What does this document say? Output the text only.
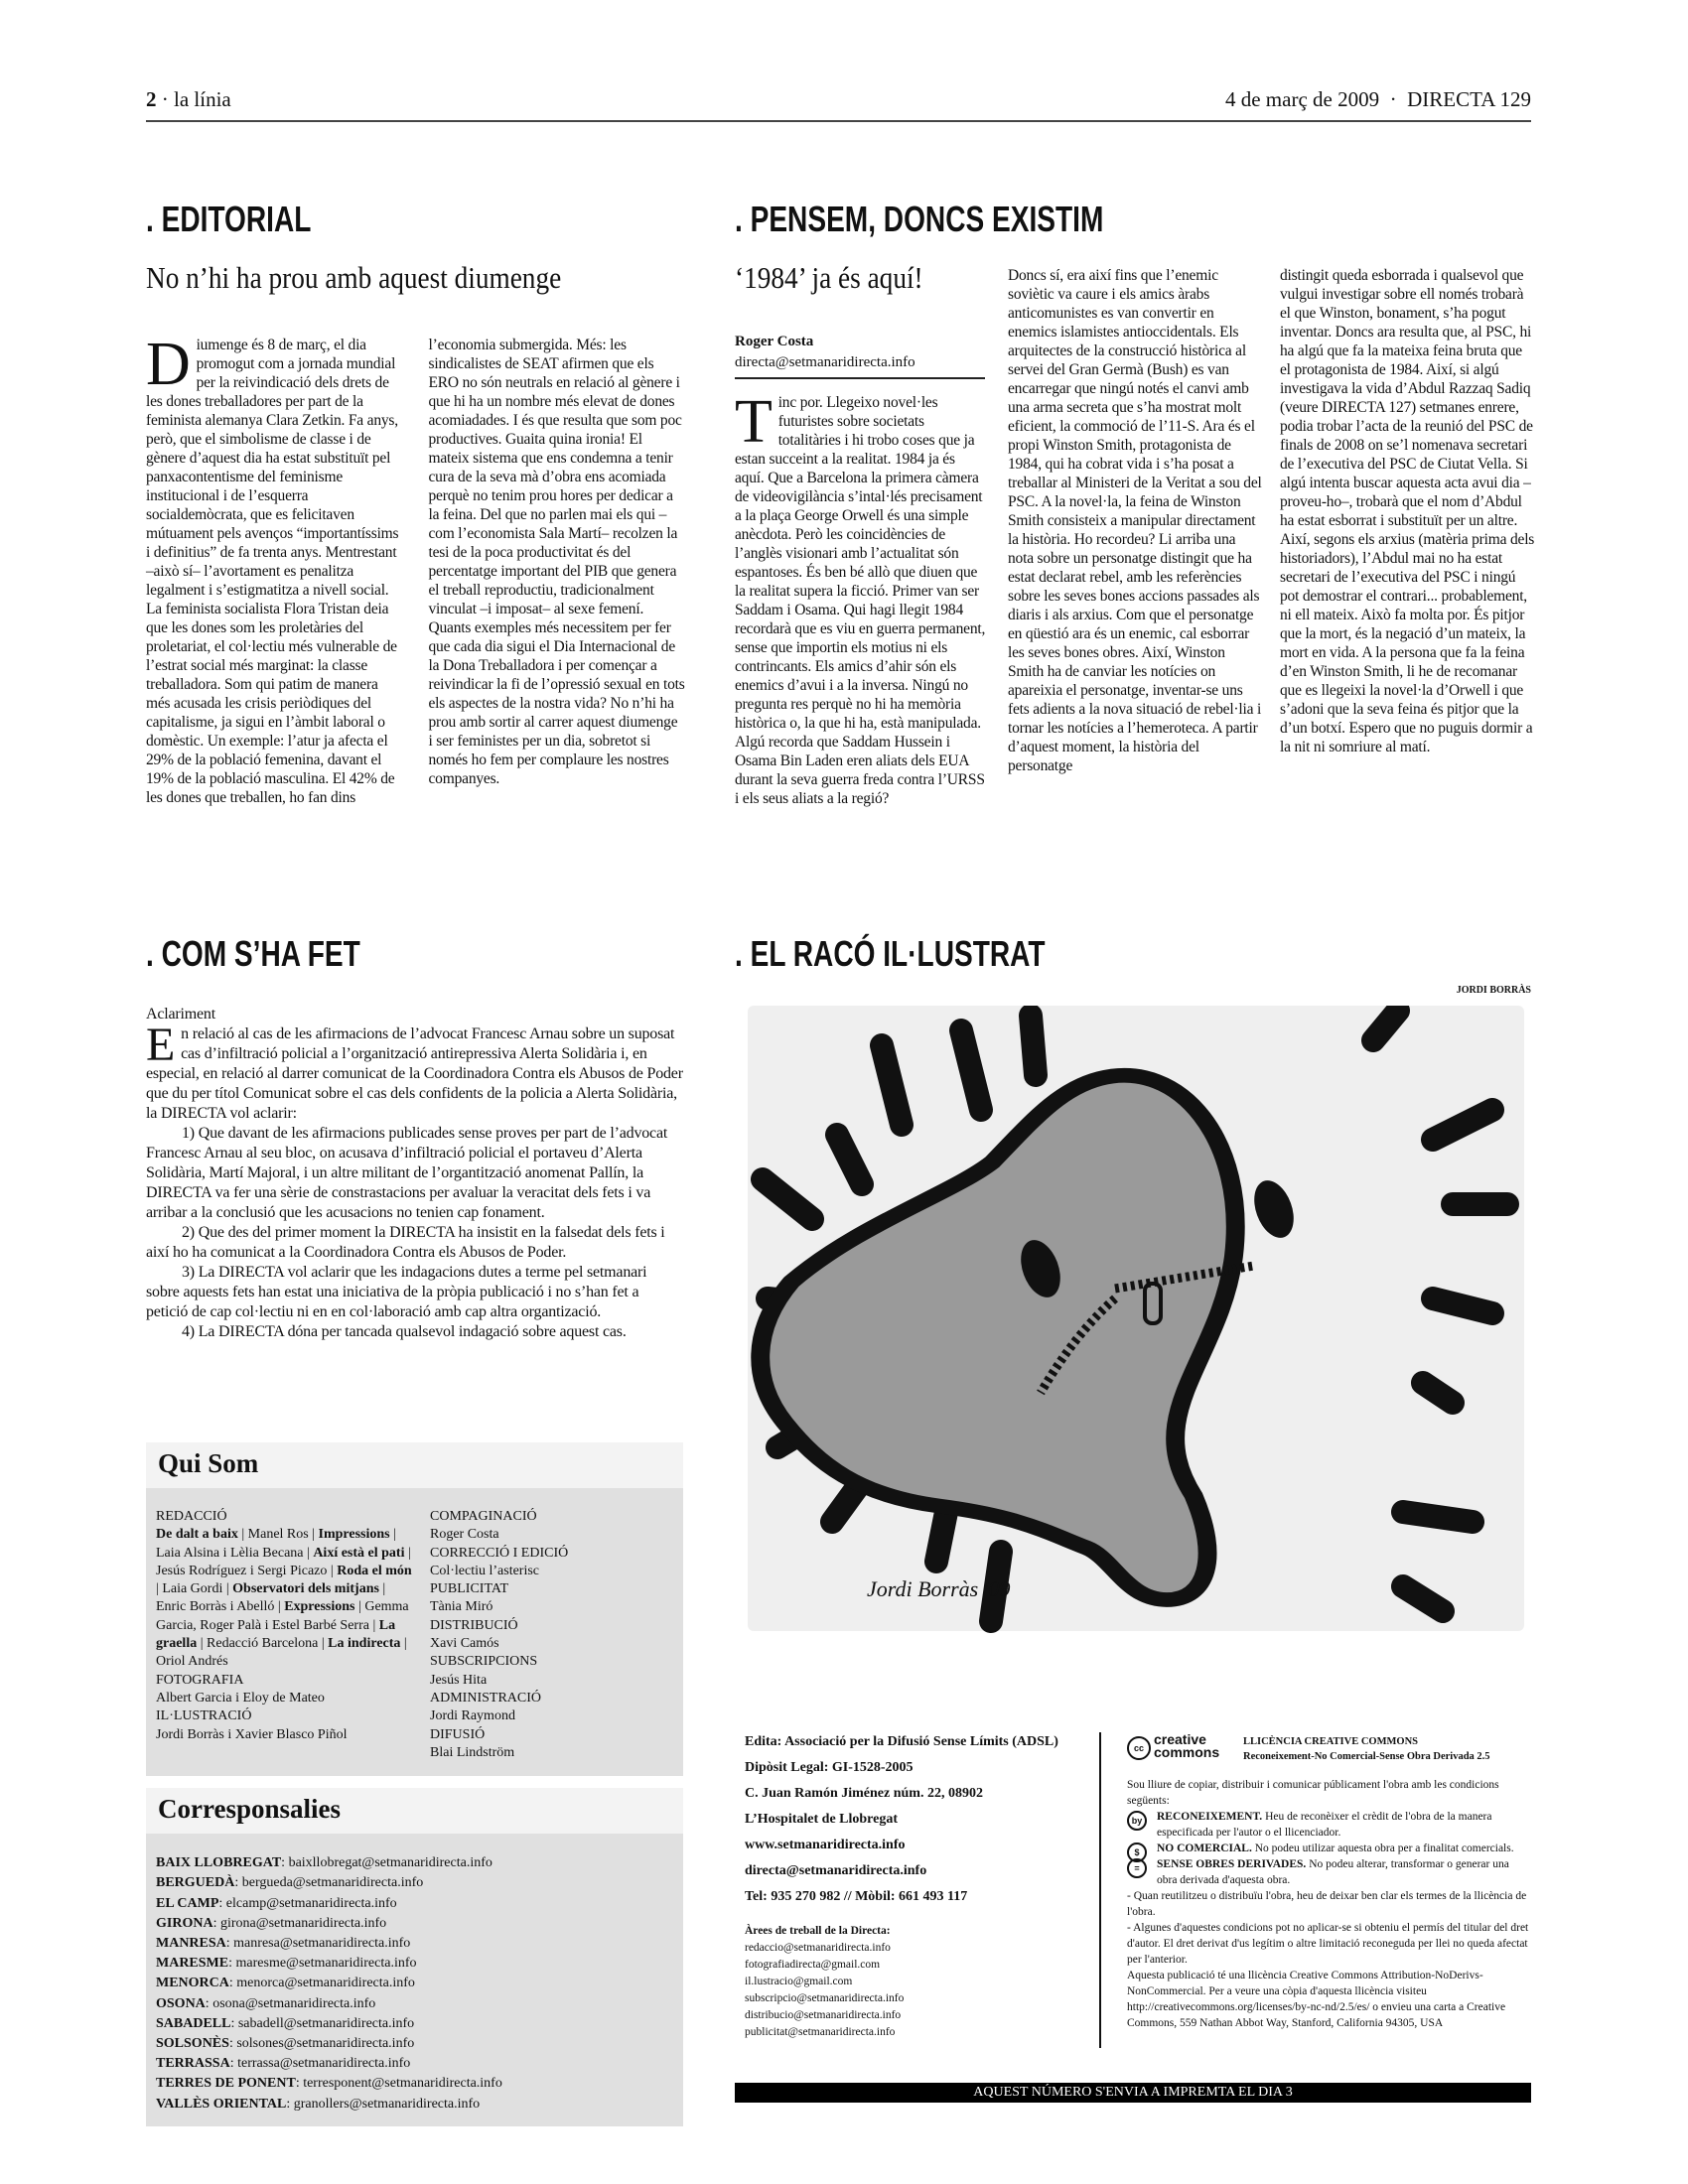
2 · la línia	4 de març de 2009  ·  DIRECTA 129
. EDITORIAL
No n’hi ha prou amb aquest diumenge
Diumenge és 8 de març, el dia promogut com a jornada mundial per la reivindicació dels drets de les dones treballadores per part de la feminista alemanya Clara Zetkin. Fa anys, però, que el simbolisme de classe i de gènere d’aquest dia ha estat substituït pel panxacontentisme del feminisme institucional i de l’esquerra socialdemòcrata, que es felicitaven mútuament pels avenços “importantíssims i definitius” de fa trenta anys. Mentrestant –això sí– l’avortament es penalitza legalment i s’estigmatitza a nivell social. La feminista socialista Flora Tristan deia que les dones som les proletàries del proletariat, el col·lectiu més vulnerable de l’estrat social més marginat: la classe treballadora. Som qui patim de manera més acusada les crisis periòdiques del capitalisme, ja sigui en l’àmbit laboral o domèstic. Un exemple: l’atur ja afecta el 29% de la població femenina, davant el 19% de la població masculina. El 42% de les dones que treballen, ho fan dins l’economia submergida. Més: les sindicalistes de SEAT afirmen que els ERO no són neutrals en relació al gènere i que hi ha un nombre més elevat de dones acomiadades. I és que resulta que som poc productives. Guaita quina ironia! El mateix sistema que ens condemna a tenir cura de la seva mà d’obra ens acomiada perquè no tenim prou hores per dedicar a la feina. Del que no parlen mai els qui –com l’economista Sala Martí– recolzen la tesi de la poca productivitat és del percentatge important del PIB que genera el treball reproductiu, tradicionalment vinculat –i imposat– al sexe femení. Quants exemples més necessitem per fer que cada dia sigui el Dia Internacional de la Dona Treballadora i per començar a reivindicar la fi de l’opressió sexual en tots els aspectes de la nostra vida? No n’hi ha prou amb sortir al carrer aquest diumenge i ser feministes per un dia, sobretot si només ho fem per complaure les nostres companyes.
. PENSEM, DONCS EXISTIM
‘1984’ ja és aquí!
Roger Costa
directa@setmanaridirecta.info
Tinc por. Llegeixo novel·les futuristes sobre societats totalitàries i hi trobo coses que ja estan succeint a la realitat. 1984 ja és aquí. Que a Barcelona la primera càmera de videovigilància s’intal·lés precisament a la plaça George Orwell és una simple anècdota. Però les coincidències de l’anglès visionari amb l’actualitat són espantoses. És ben bé allò que diuen que la realitat supera la ficció. Primer van ser Saddam i Osama. Qui hagi llegit 1984 recordarà que es viu en guerra permanent, sense que importin els motius ni els contrincants. Els amics d’ahir són els enemics d’avui i a la inversa. Ningú no pregunta res perquè no hi ha memòria històrica o, la que hi ha, està manipulada. Algú recorda que Saddam Hussein i Osama Bin Laden eren aliats dels EUA durant la seva guerra freda contra l’URSS i els seus aliats a la regió?
Doncs sí, era així fins que l’enemic soviètic va caure i els amics àrabs anticomunistes es van convertir en enemics islamistes antioccidentals. Els arquitectes de la construcció històrica al servei del Gran Germà (Bush) es van encarregar que ningú notés el canvi amb una arma secreta que s’ha mostrat molt eficient, la commoció de l’11-S. Ara és el propi Winston Smith, protagonista de 1984, qui ha cobrat vida i s’ha posat a treballar al Ministeri de la Veritat a sou del PSC. A la novel·la, la feina de Winston Smith consisteix a manipular directament la història. Ho recordeu? Li arriba una nota sobre un personatge distingit que ha estat declarat rebel, amb les referències sobre les seves bones accions passades als diaris i als arxius. Com que el personatge en qüestió ara és un enemic, cal esborrar les seves bones obres. Així, Winston Smith ha de canviar les notícies on apareixia el personatge, inventar-se uns fets adients a la nova situació de rebel·lia i tornar les notícies a l’hemeroteca. A partir d’aquest moment, la història del personatge
distingit queda esborrada i qualsevol que vulgui investigar sobre ell només trobarà el que Winston, bonament, s’ha pogut inventar. Doncs ara resulta que, al PSC, hi ha algú que fa la mateixa feina bruta que el protagonista de 1984. Així, si algú investigava la vida d’Abdul Razzaq Sadiq (veure DIRECTA 127) setmanes enrere, podia trobar l’acta de la reunió del PSC de finals de 2008 on se’l nomenava secretari de l’executiva del PSC de Ciutat Vella. Si algú intenta buscar aquesta acta avui dia –proveu-ho–, trobarà que el nom d’Abdul ha estat esborrat i substituït per un altre. Així, segons els arxius (matèria prima dels historiadors), l’Abdul mai no ha estat secretari de l’executiva del PSC i ningú pot demostrar el contrari... probablement, ni ell mateix. Això fa molta por. És pitjor que la mort, és la negació d’un mateix, la mort en vida. A la persona que fa la feina d’en Winston Smith, li he de recomanar que es llegeixi la novel·la d’Orwell i que s’adoni que la seva feina és pitjor que la d’un botxí. Espero que no puguis dormir a la nit ni somriure al matí.
. COM S’HA FET

Aclariment

En relació al cas de les afirmacions de l’advocat Francesc Arnau sobre un suposat cas d’infiltració policial a l’organització antirepressiva Alerta Solidària i, en especial, en relació al darrer comunicat de la Coordinadora Contra els Abusos de Poder que du per títol Comunicat sobre el cas dels confidents de la policia a Alerta Solidària, la DIRECTA vol aclarir:

1) Que davant de les afirmacions publicades sense proves per part de l’advocat Francesc Arnau al seu bloc, on acusava d’infiltració policial el portaveu d’Alerta Solidària, Martí Majoral, i un altre militant de l’organtització anomenat Pallín, la DIRECTA va fer una sèrie de constrastacions per avaluar la veracitat dels fets i va arribar a la conclusió que les acusacions no tenien cap fonament.

2) Que des del primer moment la DIRECTA ha insistit en la falsedat dels fets i així ho ha comunicat a la Coordinadora Contra els Abusos de Poder.

3) La DIRECTA vol aclarir que les indagacions dutes a terme pel setmanari sobre aquests fets han estat una iniciativa de la pròpia publicació i no s’han fet a petició de cap col·lectiu ni en en col·laboració amb cap altra organtizació.

4) La DIRECTA dóna per tancada qualsevol indagació sobre aquest cas.

Qui Som
REDACCIÓ
De dalt a baix | Manel Ros | Impressions | Laia Alsina i Lèlia Becana | Així està el pati | Jesús Rodríguez i Sergi Picazo | Roda el món | Laia Gordi | Observatori dels mitjans | Enric Borràs i Abelló | Expressions | Gemma Garcia, Roger Palà i Estel Barbé Serra | La graella | Redacció Barcelona | La indirecta | Oriol Andrés
FOTOGRAFIA
Albert Garcia i Eloy de Mateo
IL·LUSTRACIÓ
Jordi Borràs i Xavier Blasco Piñol
COMPAGINACIÓ
Roger Costa
CORRECCIÓ I EDICIÓ
Col·lectiu l’asterisc
PUBLICITAT
Tània Miró
DISTRIBUCIÓ
Xavi Camós
SUBSCRIPCIONS
Jesús Hita
ADMINISTRACIÓ
Jordi Raymond
DIFUSIÓ
Blai Lindström
Corresponsalies
BAIX LLOBREGAT: baixllobregat@setmanaridirecta.info
BERGUEDÀ: bergueda@setmanaridirecta.info
EL CAMP: elcamp@setmanaridirecta.info
GIRONA: girona@setmanaridirecta.info
MANRESA: manresa@setmanaridirecta.info
MARESME: maresme@setmanaridirecta.info
MENORCA: menorca@setmanaridirecta.info
OSONA: osona@setmanaridirecta.info
SABADELL: sabadell@setmanaridirecta.info
SOLSONÈS: solsones@setmanaridirecta.info
TERRASSA: terrassa@setmanaridirecta.info
TERRES DE PONENT: terresponent@setmanaridirecta.info
VALLÈS ORIENTAL: granollers@setmanaridirecta.info
. EL RACÓ IL·LUSTRAT
JORDI BORRÀS
Jordi Borràs '09
Edita: Associació per la Difusió Sense Límits (ADSL)
Dipòsit Legal: GI-1528-2005
C. Juan Ramón Jiménez núm. 22, 08902
L’Hospitalet de Llobregat
www.setmanaridirecta.info
directa@setmanaridirecta.info
Tel: 935 270 982 // Mòbil: 661 493 117
Àrees de treball de la Directa:
redaccio@setmanaridirecta.info
fotografiadirecta@gmail.com
il.lustracio@gmail.com
subscripcio@setmanaridirecta.info
distribucio@setmanaridirecta.info
publicitat@setmanaridirecta.info
cc
creative commons
LLICÈNCIA CREATIVE COMMONS
Reconeixement-No Comercial-Sense Obra Derivada 2.5
Sou lliure de copiar, distribuir i comunicar públicament l'obra amb les condicions següents:
by	RECONEIXEMENT. Heu de reconèixer el crèdit de l'obra de la manera especificada per l'autor o el llicenciador.
$	NO COMERCIAL. No podeu utilizar aquesta obra per a finalitat comercials.
=	SENSE OBRES DERIVADES. No podeu alterar, transformar o generar una obra derivada d'aquesta obra.
- Quan reutilitzeu o distribuïu l'obra, heu de deixar ben clar els termes de la llicència de l'obra.
- Algunes d'aquestes condicions pot no aplicar-se si obteniu el permís del titular del dret d'autor. El dret derivat d'us legítim o altre limitació reconeguda per llei no queda afectat per l'anterior.
Aquesta publicació té una llicència Creative Commons Attribution-NoDerivs- NonCommercial. Per a veure una còpia d'aquesta llicència visiteu http://creativecommons.org/licenses/by-nc-nd/2.5/es/ o envieu una carta a Creative Commons, 559 Nathan Abbot Way, Stanford, California 94305, USA
AQUEST NÚMERO S'ENVIA A IMPREMTA EL DIA 3
